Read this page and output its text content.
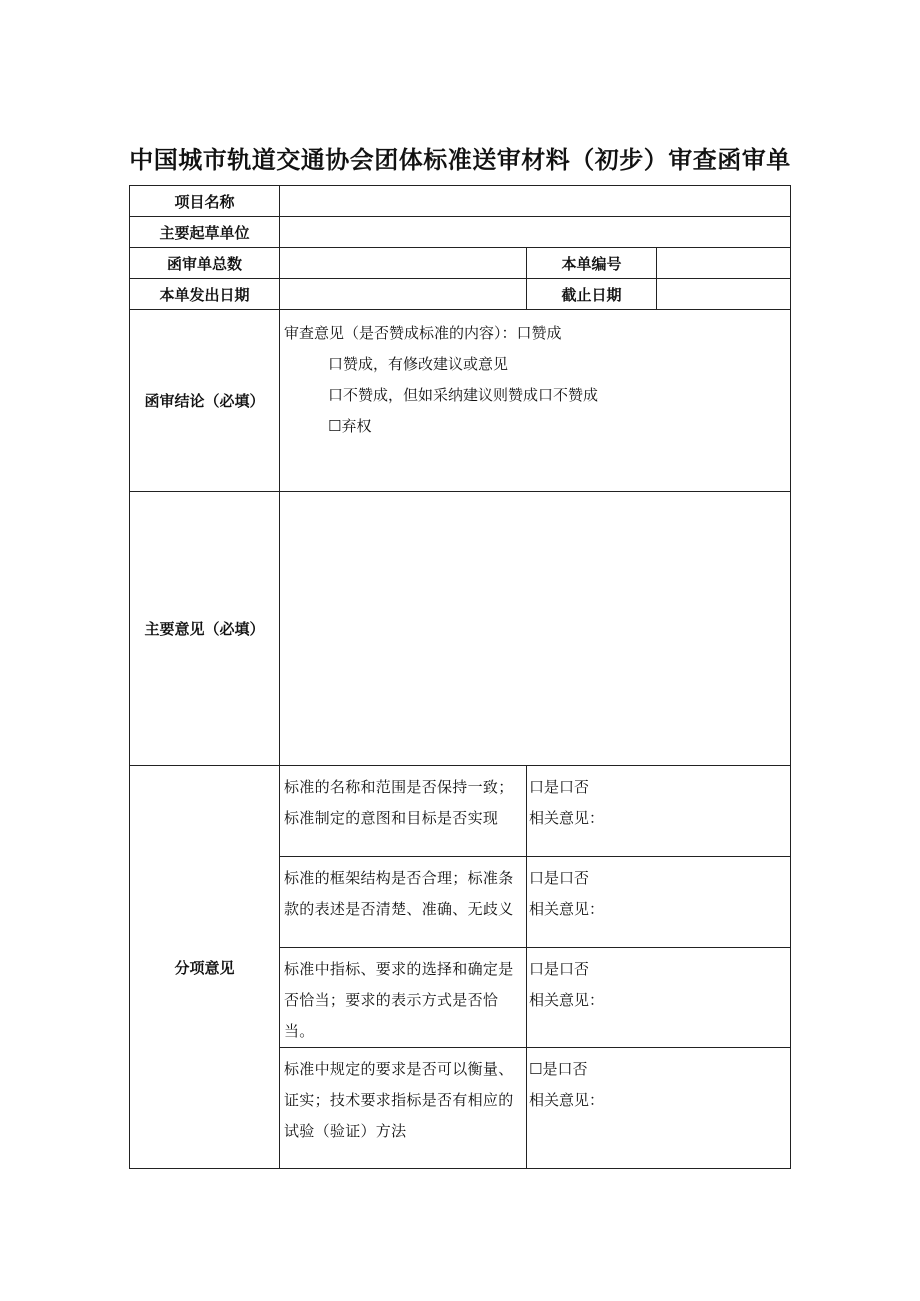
中国城市轨道交通协会团体标准送审材料（初步）审查函审单
项目名称			
主要起草单位			
函审单总数		本单编号	
本单发出日期		截止日期	
函审结论（必填）	审查意见（是否赞成标准的内容）：口赞成
口赞成，有修改建议或意见
口不赞成，但如采纳建议则赞成口不赞成
☐弃权		

主要意见（必填）			
分项意见	标准的名称和范围是否保持一致；标准制定的意图和目标是否实现	口是口否
相关意见：	

	标准的框架结构是否合理；标准条款的表述是否清楚、准确、无歧义	口是口否
相关意见：	

	标准中指标、要求的选择和确定是否恰当；要求的表示方式是否恰当。	口是口否
相关意见：	

	标准中规定的要求是否可以衡量、证实；技术要求指标是否有相应的试验（验证）方法	☐是口否
相关意见：	
